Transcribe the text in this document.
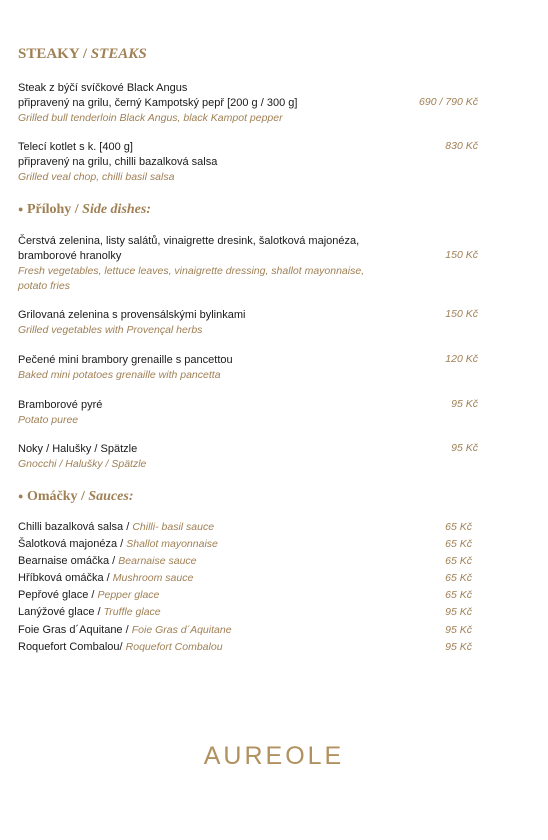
STEAKY / STEAKS
Steak z býčí svíčkové Black Angus
připravený na grilu, černý Kampotský pepř [200 g / 300 g]
Grilled bull tenderloin Black Angus, black Kampot pepper
690 / 790 Kč
Telecí kotlet s k. [400 g]
připravený na grilu, chilli bazalková salsa
Grilled veal chop, chilli basil salsa
830 Kč
● Přílohy / Side dishes:
Čerstvá zelenina, listy salátů, vinaigrette dresink, šalotková majonéza,
bramborové hranolky
Fresh vegetables, lettuce leaves, vinaigrette dressing, shallot mayonnaise,
potato fries
150 Kč
Grilovaná zelenina s provensálskými bylinkami
Grilled vegetables with Provençal herbs
150 Kč
Pečené mini brambory grenaille s pancettou
Baked mini potatoes grenaille with pancetta
120 Kč
Bramborové pyré
Potato puree
95 Kč
Noky / Halušky / Spätzle
Gnocchi / Halušky / Spätzle
95 Kč
● Omáčky / Sauces:
Chilli bazalková salsa / Chilli- basil sauce	65 Kč
Šalotková majonéza / Shallot mayonnaise	65 Kč
Bearnaise omáčka / Bearnaise sauce	65 Kč
Hříbková omáčka / Mushroom sauce	65 Kč
Pepřové glace / Pepper glace	65 Kč
Lanýžové glace / Truffle glace	95 Kč
Foie Gras d´Aquitane / Foie Gras d´Aquitane	95 Kč
Roquefort Combalou/ Roquefort Combalou	95 Kč
AUREOLE
